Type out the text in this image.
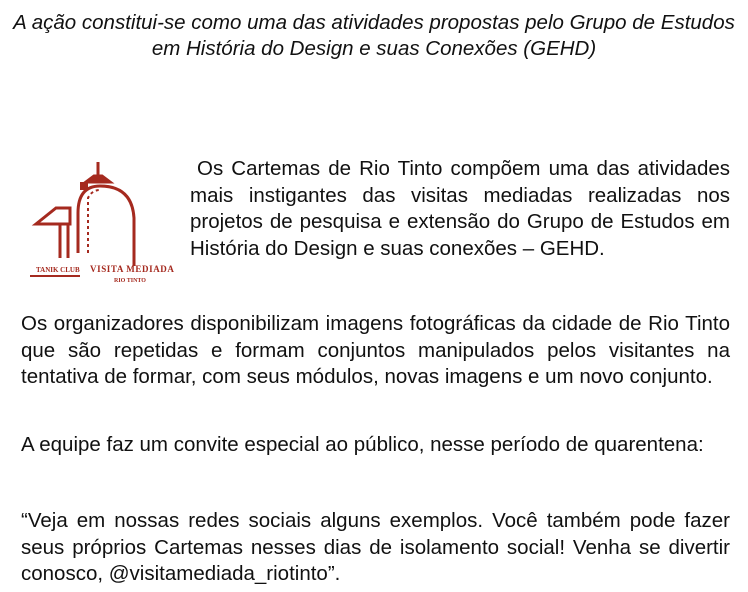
A ação constitui-se como uma das atividades propostas pelo Grupo de Estudos em História do Design e suas Conexões (GEHD)
TANIK CLUB VISITA MEDIADA
RIO TINTO

Os Cartemas de Rio Tinto compõem uma das atividades mais instigantes das visitas mediadas realizadas nos projetos de pesquisa e extensão do Grupo de Estudos em História do Design e suas conexões – GEHD.

Os organizadores disponibilizam imagens fotográficas da cidade de Rio Tinto que são repetidas e formam conjuntos manipulados pelos visitantes na tentativa de formar, com seus módulos, novas imagens e um novo conjunto.

A equipe faz um convite especial ao público, nesse período de quarentena:

“Veja em nossas redes sociais alguns exemplos. Você também pode fazer seus próprios Cartemas nesses dias de isolamento social! Venha se divertir conosco, @visitamediada_riotinto”.
